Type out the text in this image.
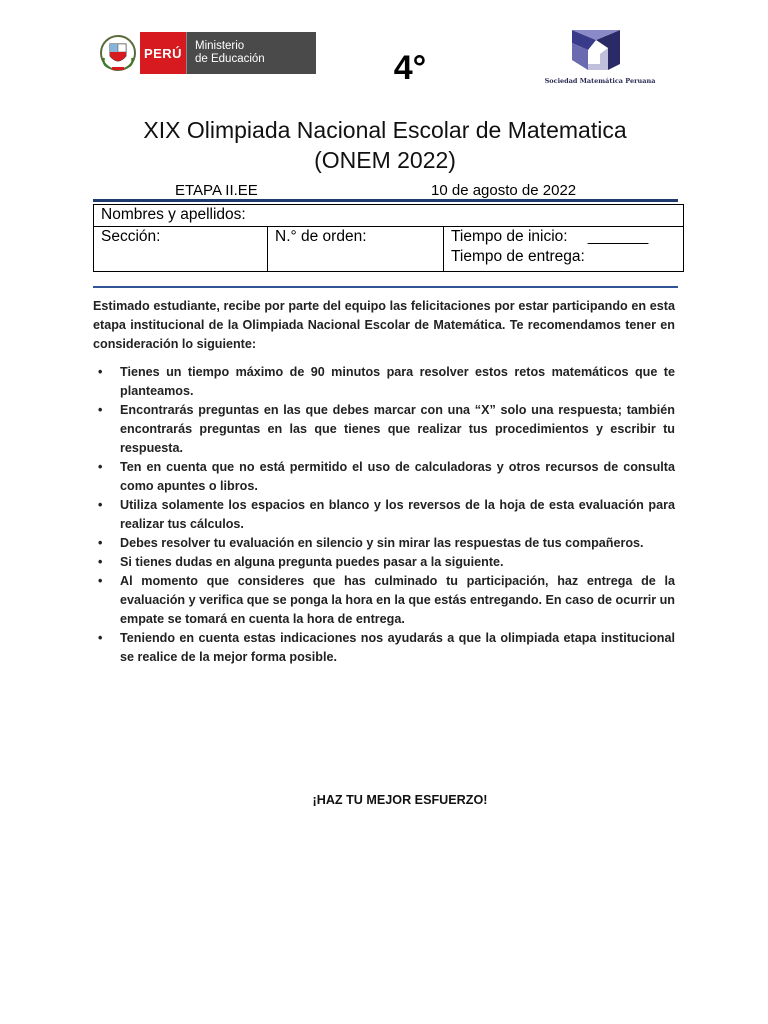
PERÚ	Ministerio
de Educación	4°	Sociedad Matemática Peruana
XIX Olimpiada Nacional Escolar de Matematica
(ONEM 2022)
ETAPA II.EE	10 de agosto de 2022
Nombres y apellidos:
Sección:	N.° de orden:	Tiempo de inicio: _______
Tiempo de entrega:
Estimado estudiante, recibe por parte del equipo las felicitaciones por estar participando en esta etapa institucional de la Olimpiada Nacional Escolar de Matemática. Te recomendamos tener en consideración lo siguiente:
• Tienes un tiempo máximo de 90 minutos para resolver estos retos matemáticos que te planteamos.
• Encontrarás preguntas en las que debes marcar con una “X” solo una respuesta; también encontrarás preguntas en las que tienes que realizar tus procedimientos y escribir tu respuesta.
• Ten en cuenta que no está permitido el uso de calculadoras y otros recursos de consulta como apuntes o libros.
• Utiliza solamente los espacios en blanco y los reversos de la hoja de esta evaluación para realizar tus cálculos.
• Debes resolver tu evaluación en silencio y sin mirar las respuestas de tus compañeros.
• Si tienes dudas en alguna pregunta puedes pasar a la siguiente.
• Al momento que consideres que has culminado tu participación, haz entrega de la evaluación y verifica que se ponga la hora en la que estás entregando. En caso de ocurrir un empate se tomará en cuenta la hora de entrega.
• Teniendo en cuenta estas indicaciones nos ayudarás a que la olimpiada etapa institucional se realice de la mejor forma posible.
¡HAZ TU MEJOR ESFUERZO!
